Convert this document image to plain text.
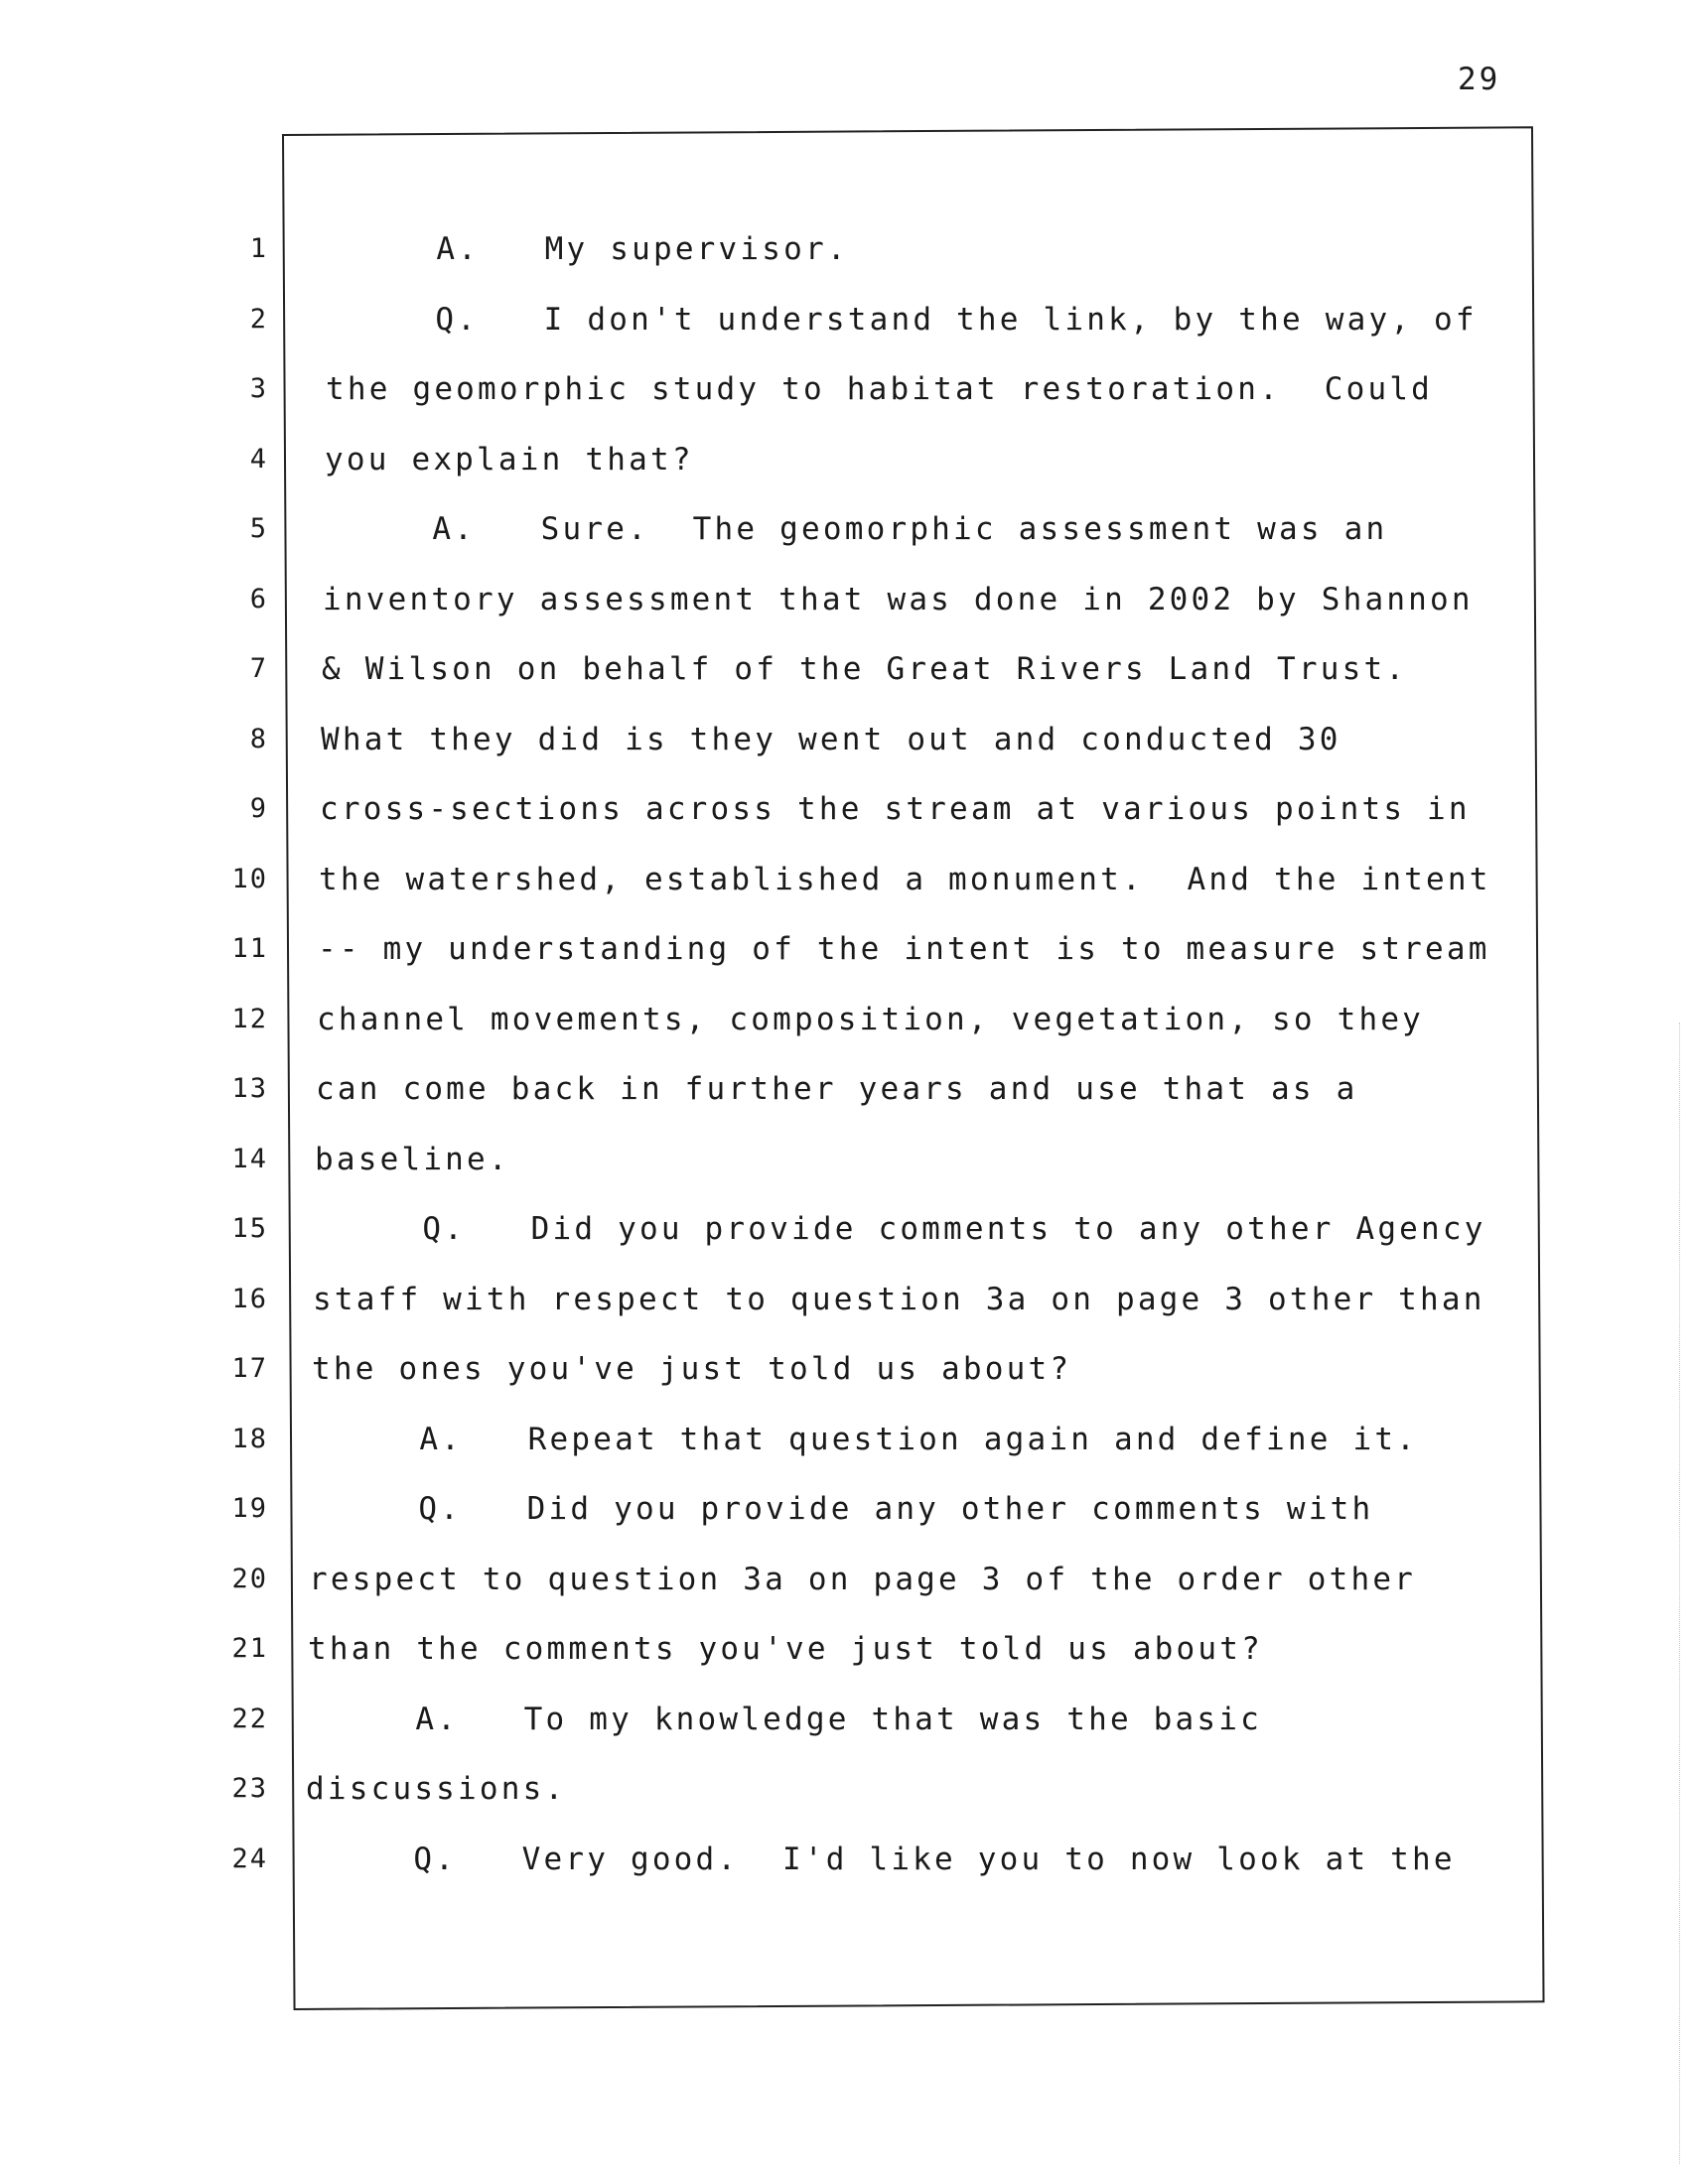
29
1
2
3
4
5
6
7
8
9
10
11
12
13
14
15
16
17
18
19
20
21
22
23
24
A.   My supervisor.
Q.   I don't understand the link, by the way, of
the geomorphic study to habitat restoration.  Could
you explain that?
A.   Sure.  The geomorphic assessment was an
inventory assessment that was done in 2002 by Shannon
& Wilson on behalf of the Great Rivers Land Trust.
What they did is they went out and conducted 30
cross-sections across the stream at various points in
the watershed, established a monument.  And the intent
-- my understanding of the intent is to measure stream
channel movements, composition, vegetation, so they
can come back in further years and use that as a
baseline.
Q.   Did you provide comments to any other Agency
staff with respect to question 3a on page 3 other than
the ones you've just told us about?
A.   Repeat that question again and define it.
Q.   Did you provide any other comments with
respect to question 3a on page 3 of the order other
than the comments you've just told us about?
A.   To my knowledge that was the basic
discussions.
Q.   Very good.  I'd like you to now look at the
